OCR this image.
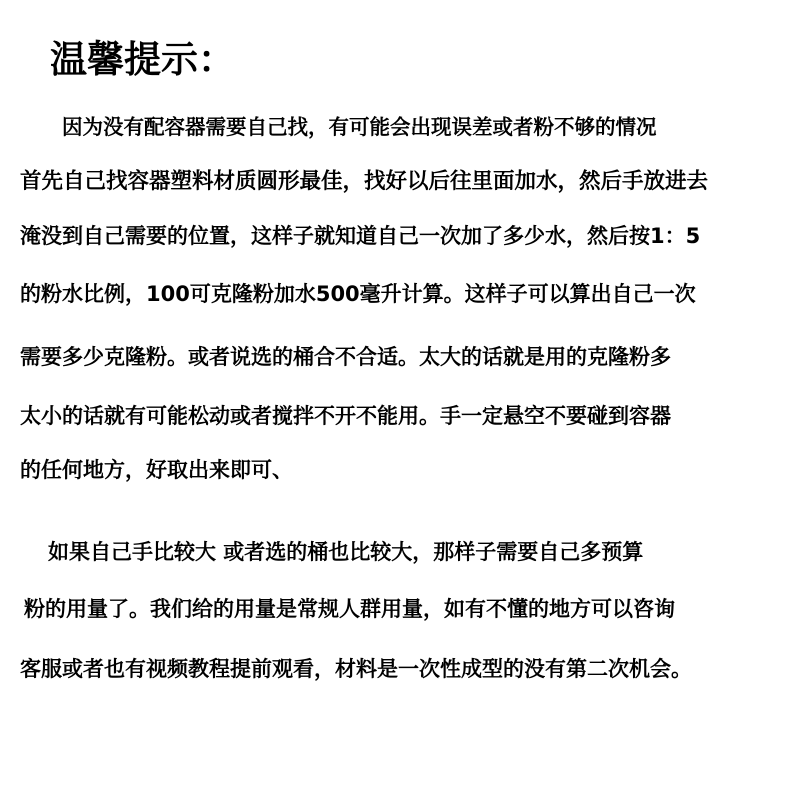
温馨提示：
因为没有配容器需要自己找，有可能会出现误差或者粉不够的情况
首先自己找容器塑料材质圆形最佳，找好以后往里面加水，然后手放进去
淹没到自己需要的位置，这样子就知道自己一次加了多少水，然后按1：5
的粉水比例，100可克隆粉加水500毫升计算。这样子可以算出自己一次
需要多少克隆粉。或者说选的桶合不合适。太大的话就是用的克隆粉多
太小的话就有可能松动或者搅拌不开不能用。手一定悬空不要碰到容器
的任何地方，好取出来即可、
如果自己手比较大 或者选的桶也比较大，那样子需要自己多预算
粉的用量了。我们给的用量是常规人群用量，如有不懂的地方可以咨询
客服或者也有视频教程提前观看，材料是一次性成型的没有第二次机会。
